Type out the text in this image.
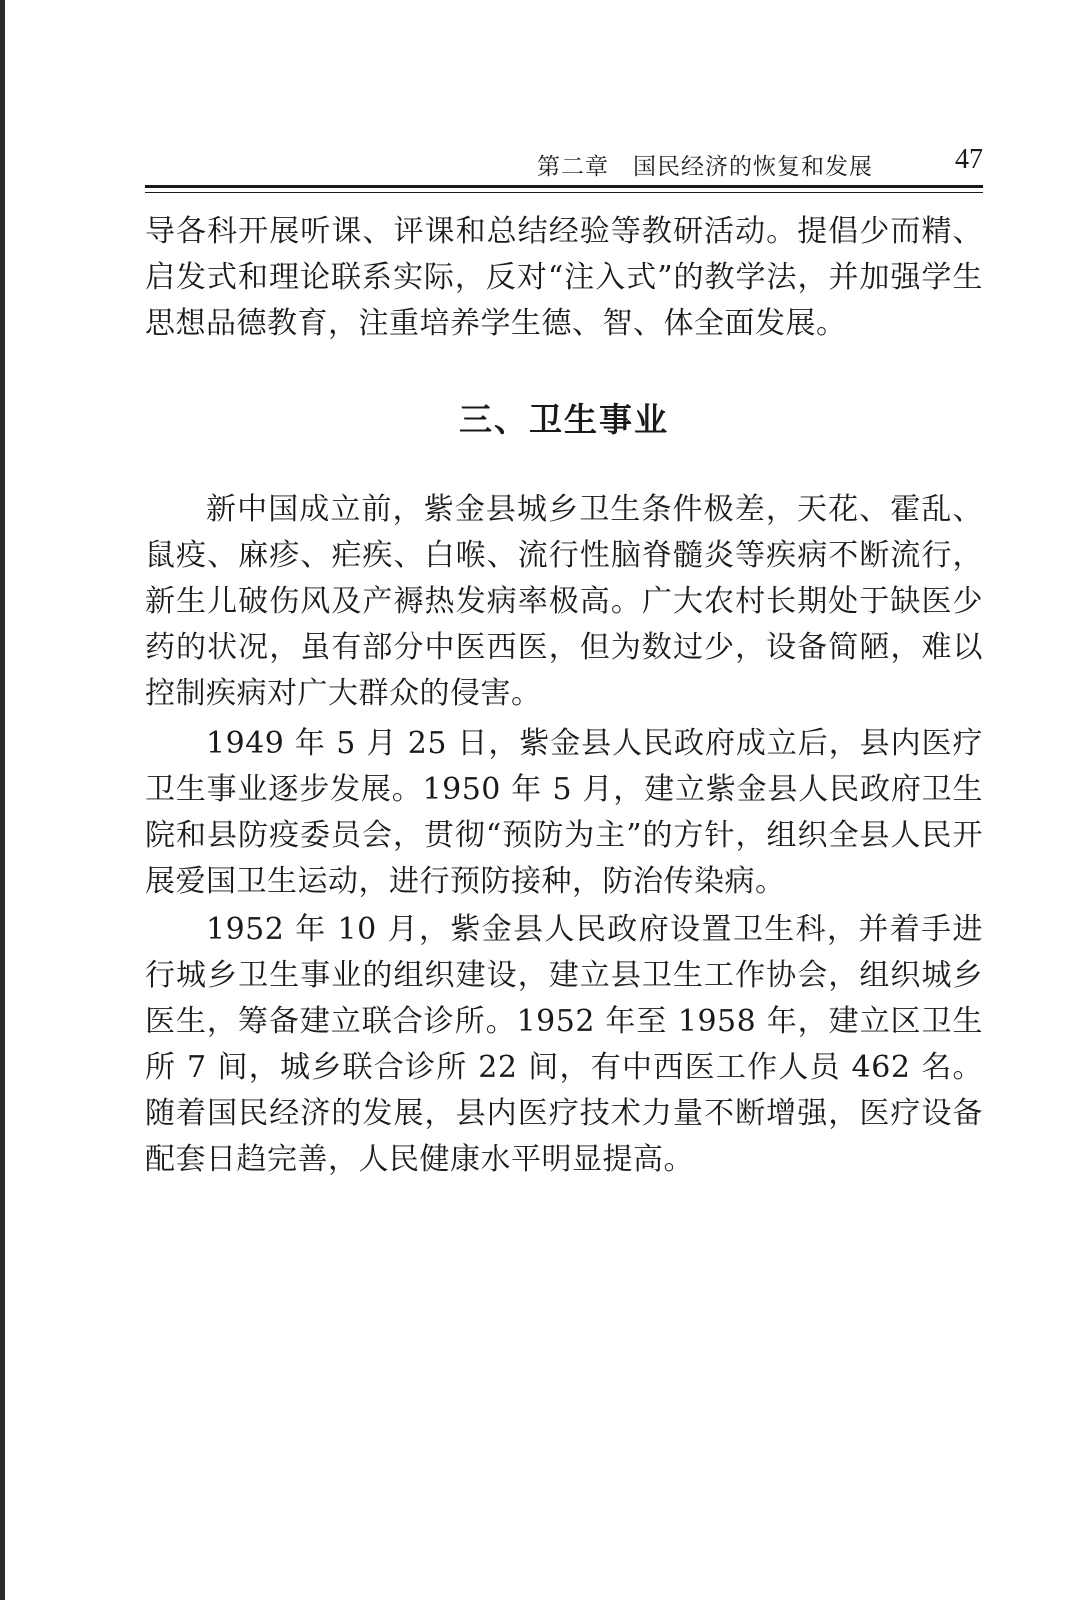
第二章　国民经济的恢复和发展	47

导各科开展听课、评课和总结经验等教研活动。提倡少而精、启发式和理论联系实际，反对“注入式”的教学法，并加强学生思想品德教育，注重培养学生德、智、体全面发展。

三、卫生事业

新中国成立前，紫金县城乡卫生条件极差，天花、霍乱、鼠疫、麻疹、疟疾、白喉、流行性脑脊髓炎等疾病不断流行，新生儿破伤风及产褥热发病率极高。广大农村长期处于缺医少药的状况，虽有部分中医西医，但为数过少，设备简陋，难以控制疾病对广大群众的侵害。

1949 年 5 月 25 日，紫金县人民政府成立后，县内医疗卫生事业逐步发展。1950 年 5 月，建立紫金县人民政府卫生院和县防疫委员会，贯彻“预防为主”的方针，组织全县人民开展爱国卫生运动，进行预防接种，防治传染病。

1952 年 10 月，紫金县人民政府设置卫生科，并着手进行城乡卫生事业的组织建设，建立县卫生工作协会，组织城乡医生，筹备建立联合诊所。1952 年至 1958 年，建立区卫生所 7 间，城乡联合诊所 22 间，有中西医工作人员 462 名。随着国民经济的发展，县内医疗技术力量不断增强，医疗设备配套日趋完善，人民健康水平明显提高。
